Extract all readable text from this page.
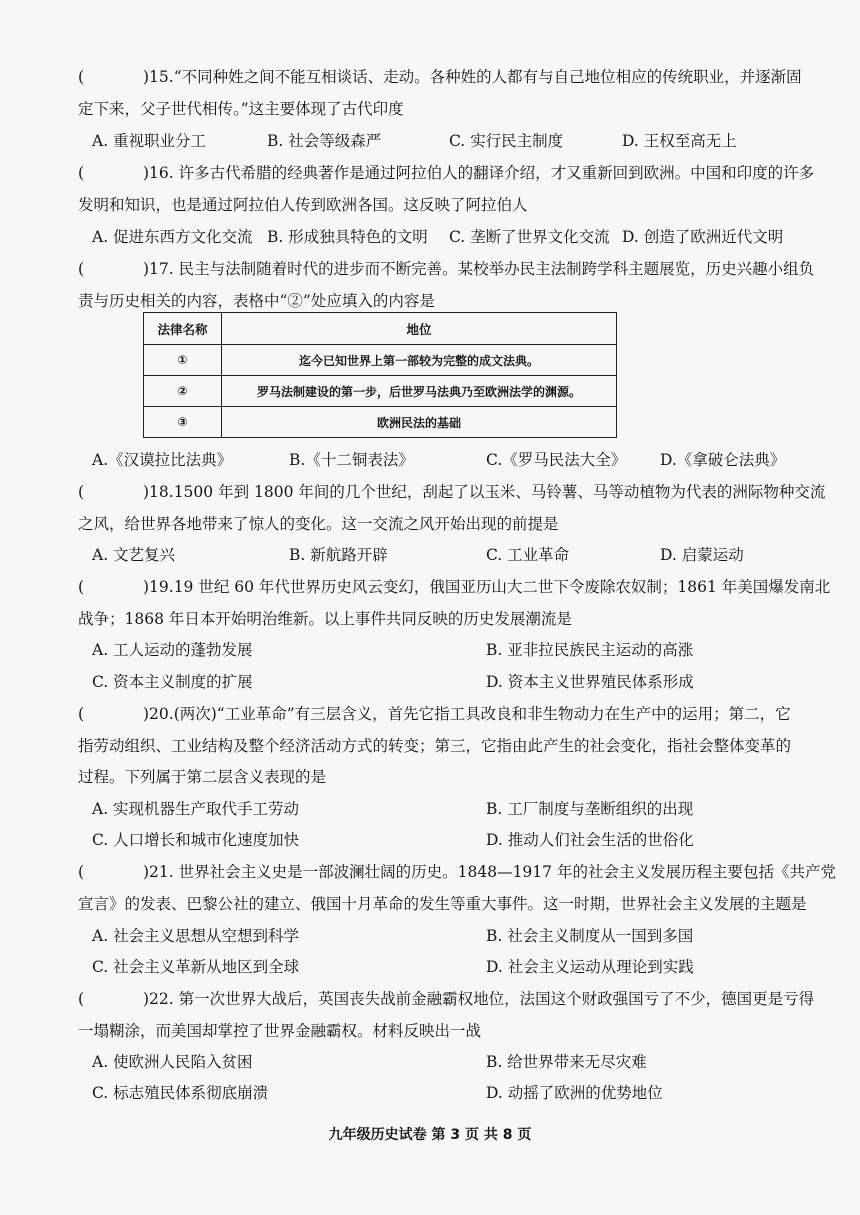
(　　)15.“不同种姓之间不能互相谈话、走动。各种姓的人都有与自己地位相应的传统职业，并逐渐固
定下来，父子世代相传。”这主要体现了古代印度
A. 重视职业分工	B. 社会等级森严	C. 实行民主制度	D. 王权至高无上
(　　)16. 许多古代希腊的经典著作是通过阿拉伯人的翻译介绍，才又重新回到欧洲。中国和印度的许多
发明和知识，也是通过阿拉伯人传到欧洲各国。这反映了阿拉伯人
A. 促进东西方文化交流 B. 形成独具特色的文明 C. 垄断了世界文化交流 D. 创造了欧洲近代文明
(　　)17. 民主与法制随着时代的进步而不断完善。某校举办民主法制跨学科主题展览，历史兴趣小组负
责与历史相关的内容，表格中“②”处应填入的内容是
法律名称	地位
①	迄今已知世界上第一部较为完整的成文法典。
②	罗马法制建设的第一步，后世罗马法典乃至欧洲法学的渊源。
③	欧洲民法的基础
A.《汉谟拉比法典》	B.《十二铜表法》	C.《罗马民法大全》 D.《拿破仑法典》
(　　)18.1500 年到 1800 年间的几个世纪，刮起了以玉米、马铃薯、马等动植物为代表的洲际物种交流
之风，给世界各地带来了惊人的变化。这一交流之风开始出现的前提是
A. 文艺复兴	B. 新航路开辟	C. 工业革命	D. 启蒙运动
(　　)19.19 世纪 60 年代世界历史风云变幻，俄国亚历山大二世下令废除农奴制；1861 年美国爆发南北
战争；1868 年日本开始明治维新。以上事件共同反映的历史发展潮流是
A. 工人运动的蓬勃发展	B. 亚非拉民族民主运动的高涨
C. 资本主义制度的扩展	D. 资本主义世界殖民体系形成
(　　)20.(两次)“工业革命”有三层含义，首先它指工具改良和非生物动力在生产中的运用；第二，它
指劳动组织、工业结构及整个经济活动方式的转变；第三，它指由此产生的社会变化，指社会整体变革的
过程。下列属于第二层含义表现的是
A. 实现机器生产取代手工劳动	B. 工厂制度与垄断组织的出现
C. 人口增长和城市化速度加快	D. 推动人们社会生活的世俗化
(　　)21. 世界社会主义史是一部波澜壮阔的历史。1848—1917 年的社会主义发展历程主要包括《共产党
宣言》的发表、巴黎公社的建立、俄国十月革命的发生等重大事件。这一时期，世界社会主义发展的主题是
A. 社会主义思想从空想到科学	B. 社会主义制度从一国到多国
C. 社会主义革新从地区到全球	D. 社会主义运动从理论到实践
(　　)22. 第一次世界大战后，英国丧失战前金融霸权地位，法国这个财政强国亏了不少，德国更是亏得
一塌糊涂，而美国却掌控了世界金融霸权。材料反映出一战
A. 使欧洲人民陷入贫困	B. 给世界带来无尽灾难
C. 标志殖民体系彻底崩溃	D. 动摇了欧洲的优势地位
九年级历史试卷 第 3 页 共 8 页
